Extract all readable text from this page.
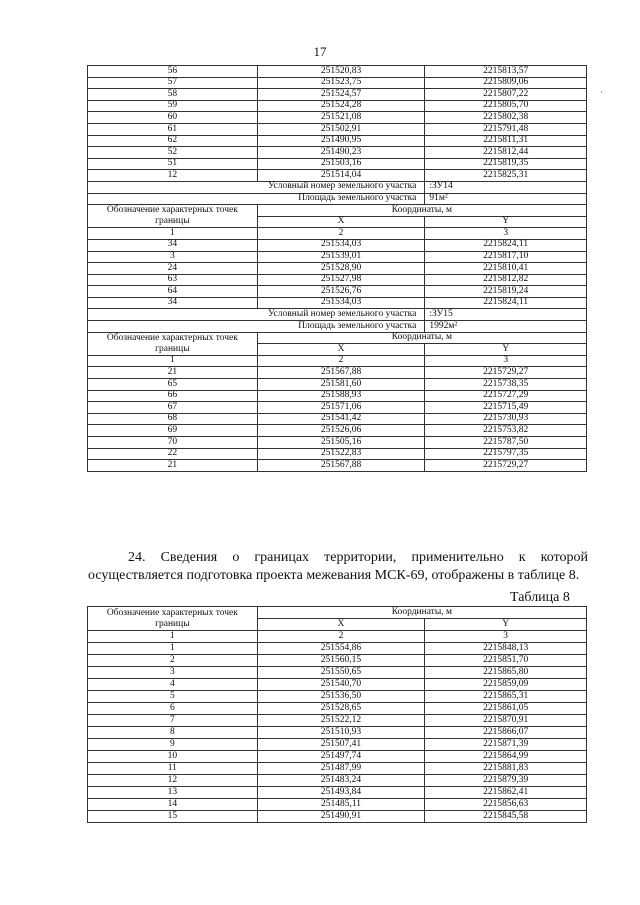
17
·
56	251520,83	2215813,57
57	251523,75	2215809,06
58	251524,57	2215807,22
59	251524,28	2215805,70
60	251521,08	2215802,38
61	251502,91	2215791,48
62	251490,95	2215811,31
52	251490,23	2215812,44
51	251503,16	2215819,35
12	251514,04	2215825,31
Условный номер земельного участка		:ЗУ14
Площадь земельного участка		91м²
Обозначение характерных точек границы	Координаты, м	
	X	Y
1	2	3
34	251534,03	2215824,11
3	251539,01	2215817,10
24	251528,90	2215810,41
63	251527,98	2215812,82
64	251526,76	2215819,24
34	251534,03	2215824,11
Условный номер земельного участка		:ЗУ15
Площадь земельного участка		1992м²
Обозначение характерных точек границы	Координаты, м	
	X	Y
1	2	3
21	251567,88	2215729,27
65	251581,60	2215738,35
66	251588,93	2215727,29
67	251571,06	2215715,49
68	251541,42	2215730,93
69	251526,06	2215753,82
70	251505,16	2215787,50
22	251522,83	2215797,35
21	251567,88	2215729,27

24. Сведения о границах территории, применительно к которой осуществляется подготовка проекта межевания МСК-69, отображены в таблице 8.

Таблица 8
Обозначение характерных точек границы	Координаты, м	
	X	Y
1	2	3
1	251554,86	2215848,13
2	251560,15	2215851,70
3	251550,65	2215865,80
4	251540,70	2215859,09
5	251536,50	2215865,31
6	251528,65	2215861,05
7	251522,12	2215870,91
8	251510,93	2215866,07
9	251507,41	2215871,39
10	251497,74	2215864,99
11	251487,99	2215881,83
12	251483,24	2215879,39
13	251493,84	2215862,41
14	251485,11	2215856,63
15	251490,91	2215845,58
